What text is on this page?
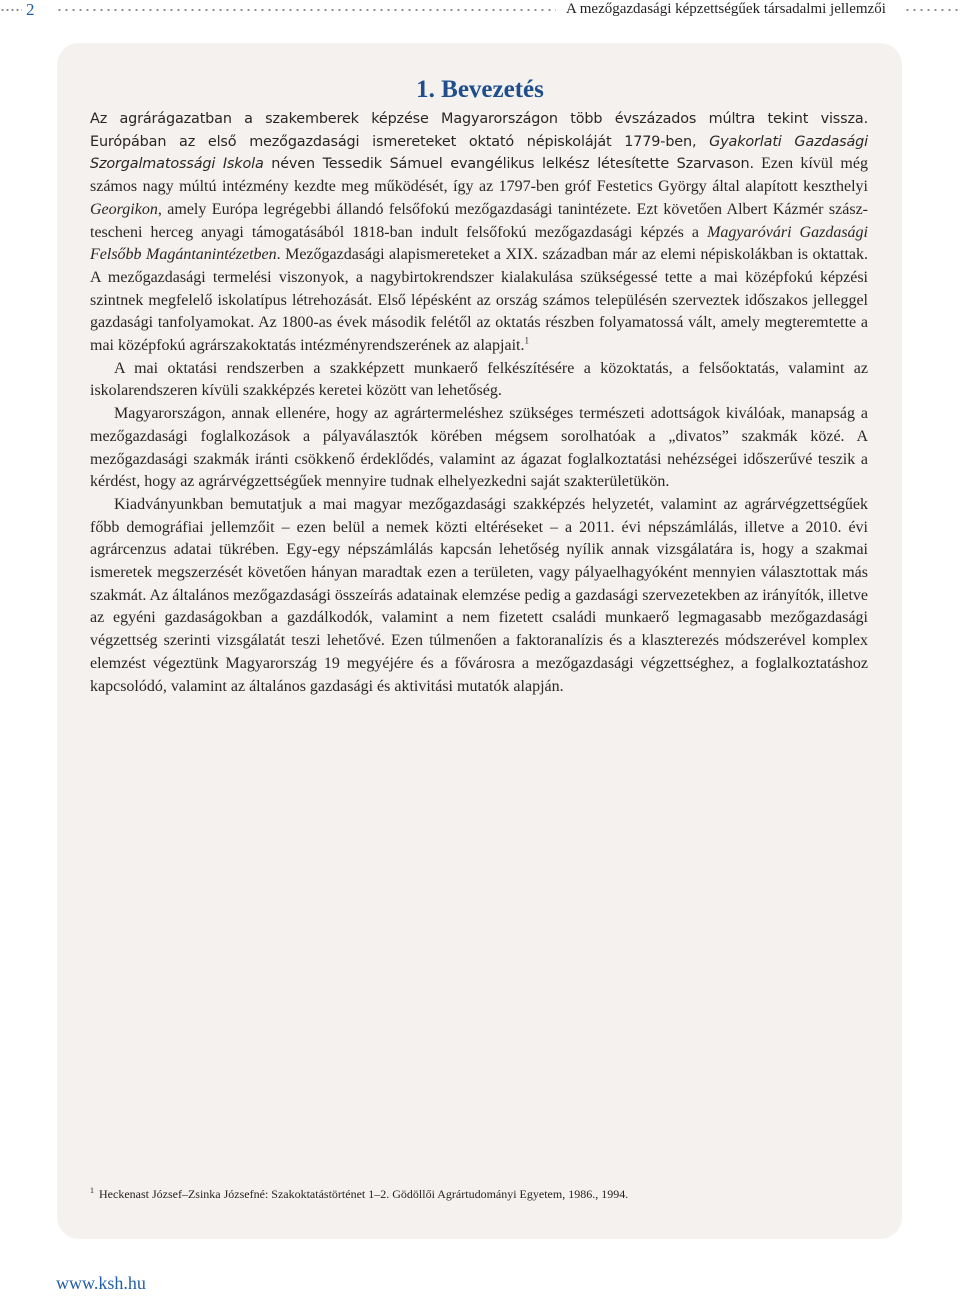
2	A mezőgazdasági képzettségűek társadalmi jellemzői
1. Bevezetés

Az agrárágazatban a szakemberek képzése Magyarországon több évszázados múltra tekint vissza. Európában az első mezőgazdasági ismereteket oktató népiskoláját 1779-ben, Gyakorlati Gazdasági Szorgalmatossági Iskola néven Tessedik Sámuel evangélikus lelkész létesítette Szarvason. Ezen kívül még számos nagy múltú intézmény kezdte meg működését, így az 1797-ben gróf Festetics György által alapított keszthelyi Georgikon, amely Európa legrégebbi állandó felsőfokú mezőgazdasági tanintézete. Ezt követően Albert Kázmér szász-tescheni herceg anyagi támogatásából 1818-ban indult felsőfokú mezőgazdasági képzés a Magyaróvári Gazdasági Felsőbb Magántanintézetben. Mezőgazdasági alapismereteket a XIX. században már az elemi népiskolákban is oktattak. A mezőgazdasági termelési viszonyok, a nagybirtokrendszer kialakulása szükségessé tette a mai középfokú képzési szintnek megfelelő iskolatípus létrehozását. Első lépésként az ország számos településén szerveztek időszakos jelleggel gazdasági tanfolyamokat. Az 1800-as évek második felétől az oktatás részben folyamatossá vált, amely megteremtette a mai középfokú agrárszakoktatás intézményrendszerének az alapjait.$^1$

A mai oktatási rendszerben a szakképzett munkaerő felkészítésére a közoktatás, a felsőoktatás, valamint az iskolarendszeren kívüli szakképzés keretei között van lehetőség.

Magyarországon, annak ellenére, hogy az agrártermeléshez szükséges természeti adottságok kiválóak, manapság a mezőgazdasági foglalkozások a pályaválasztók körében mégsem sorolhatóak a „divatos” szakmák közé. A mezőgazdasági szakmák iránti csökkenő érdeklődés, valamint az ágazat foglalkoztatási nehézségei időszerűvé teszik a kérdést, hogy az agrárvégzettségűek mennyire tudnak elhelyezkedni saját szakterületükön.

Kiadványunkban bemutatjuk a mai magyar mezőgazdasági szakképzés helyzetét, valamint az agrárvégzettségűek főbb demográfiai jellemzőit – ezen belül a nemek közti eltéréseket – a 2011. évi népszámlálás, illetve a 2010. évi agrárcenzus adatai tükrében. Egy-egy népszámlálás kapcsán lehetőség nyílik annak vizsgálatára is, hogy a szakmai ismeretek megszerzését követően hányan maradtak ezen a területen, vagy pályaelhagyóként mennyien választottak más szakmát. Az általános mezőgazdasági összeírás adatainak elemzése pedig a gazdasági szervezetekben az irányítók, illetve az egyéni gazdaságokban a gazdálkodók, valamint a nem fizetett családi munkaerő legmagasabb mezőgazdasági végzettség szerinti vizsgálatát teszi lehetővé. Ezen túlmenően a faktoranalízis és a klaszterezés módszerével komplex elemzést végeztünk Magyarország 19 megyéjére és a fővárosra a mezőgazdasági végzettséghez, a foglalkoztatáshoz kapcsolódó, valamint az általános gazdasági és aktivitási mutatók alapján.

$^1$ Heckenast József–Zsinka Józsefné: Szakoktatástörténet 1–2. Gödöllői Agrártudományi Egyetem, 1986., 1994.
www.ksh.hu
